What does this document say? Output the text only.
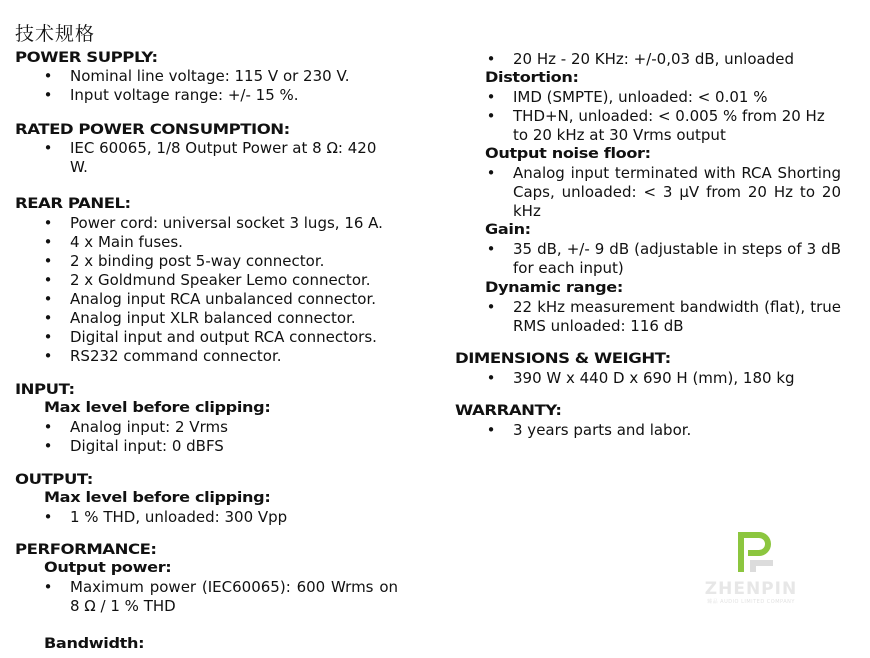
技术规格
POWER SUPPLY:
• Nominal line voltage: 115 V or 230 V.
• Input voltage range: +/- 15 %.
RATED POWER CONSUMPTION:
• IEC 60065, 1/8 Output Power at 8 Ω: 420 W.
REAR PANEL:
• Power cord: universal socket 3 lugs, 16 A.
• 4 x Main fuses.
• 2 x binding post 5-way connector.
• 2 x Goldmund Speaker Lemo connector.
• Analog input RCA unbalanced connector.
• Analog input XLR balanced connector.
• Digital input and output RCA connectors.
• RS232 command connector.
INPUT:
Max level before clipping:
• Analog input: 2 Vrms
• Digital input: 0 dBFS
OUTPUT:
Max level before clipping:
• 1 % THD, unloaded: 300 Vpp
PERFORMANCE:
Output power:
• Maximum power (IEC60065): 600 Wrms on 8 Ω / 1 % THD
Bandwidth:
• 20 Hz - 20 KHz: +/-0,03 dB, unloaded
Distortion:
• IMD (SMPTE), unloaded: < 0.01 %
• THD+N, unloaded: < 0.005 % from 20 Hz to 20 kHz at 30 Vrms output
Output noise floor:
• Analog input terminated with RCA Shorting Caps, unloaded: < 3 μV from 20 Hz to 20 kHz
Gain:
• 35 dB, +/- 9 dB (adjustable in steps of 3 dB for each input)
Dynamic range:
• 22 kHz measurement bandwidth (flat), true RMS unloaded: 116 dB
DIMENSIONS & WEIGHT:
• 390 W x 440 D x 690 H (mm), 180 kg
WARRANTY:
• 3 years parts and labor.
ZHENPIN
臻品 AUDIO LIMITED COMPANY
